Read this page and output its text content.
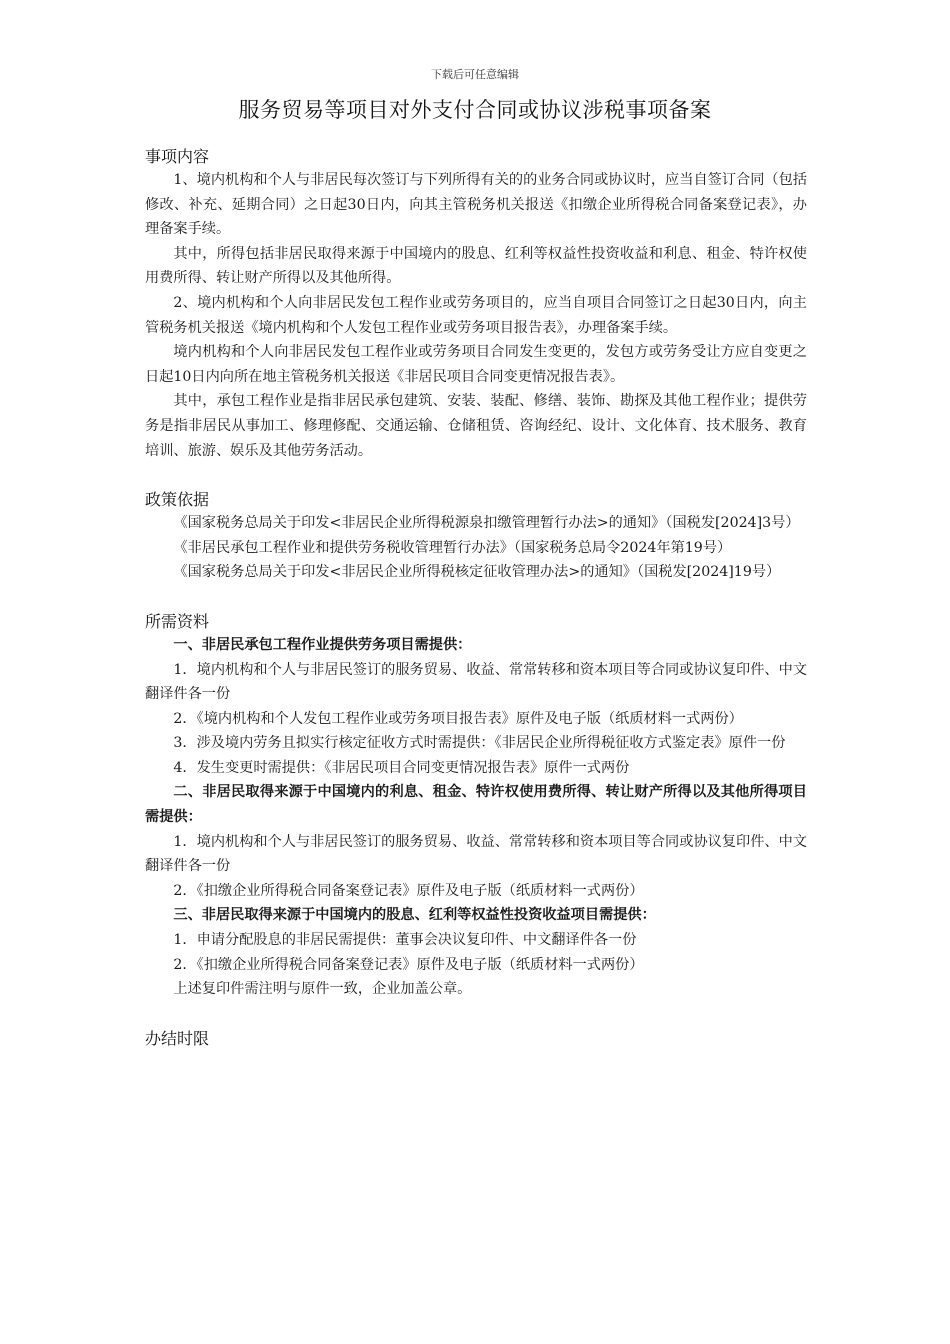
下载后可任意编辑
服务贸易等项目对外支付合同或协议涉税事项备案
事项内容

1、境内机构和个人与非居民每次签订与下列所得有关的的业务合同或协议时，应当自签订合同（包括修改、补充、延期合同）之日起30日内，向其主管税务机关报送《扣缴企业所得税合同备案登记表》，办理备案手续。

其中，所得包括非居民取得来源于中国境内的股息、红利等权益性投资收益和利息、租金、特许权使用费所得、转让财产所得以及其他所得。

2、境内机构和个人向非居民发包工程作业或劳务项目的，应当自项目合同签订之日起30日内，向主管税务机关报送《境内机构和个人发包工程作业或劳务项目报告表》，办理备案手续。

境内机构和个人向非居民发包工程作业或劳务项目合同发生变更的，发包方或劳务受让方应自变更之日起10日内向所在地主管税务机关报送《非居民项目合同变更情况报告表》。

其中，承包工程作业是指非居民承包建筑、安装、装配、修缮、装饰、勘探及其他工程作业；提供劳务是指非居民从事加工、修理修配、交通运输、仓储租赁、咨询经纪、设计、文化体育、技术服务、教育培训、旅游、娱乐及其他劳务活动。

政策依据

《国家税务总局关于印发<非居民企业所得税源泉扣缴管理暂行办法>的通知》（国税发[2024]3号）

《非居民承包工程作业和提供劳务税收管理暂行办法》（国家税务总局令2024年第19号）

《国家税务总局关于印发<非居民企业所得税核定征收管理办法>的通知》（国税发[2024]19号）

所需资料

一、非居民承包工程作业提供劳务项目需提供：

1．境内机构和个人与非居民签订的服务贸易、收益、常常转移和资本项目等合同或协议复印件、中文翻译件各一份

2．《境内机构和个人发包工程作业或劳务项目报告表》原件及电子版（纸质材料一式两份）

3．涉及境内劳务且拟实行核定征收方式时需提供：《非居民企业所得税征收方式鉴定表》原件一份

4．发生变更时需提供：《非居民项目合同变更情况报告表》原件一式两份

二、非居民取得来源于中国境内的利息、租金、特许权使用费所得、转让财产所得以及其他所得项目需提供：

1．境内机构和个人与非居民签订的服务贸易、收益、常常转移和资本项目等合同或协议复印件、中文翻译件各一份

2．《扣缴企业所得税合同备案登记表》原件及电子版（纸质材料一式两份）

三、非居民取得来源于中国境内的股息、红利等权益性投资收益项目需提供：

1．申请分配股息的非居民需提供：董事会决议复印件、中文翻译件各一份

2．《扣缴企业所得税合同备案登记表》原件及电子版（纸质材料一式两份）

上述复印件需注明与原件一致，企业加盖公章。

办结时限
